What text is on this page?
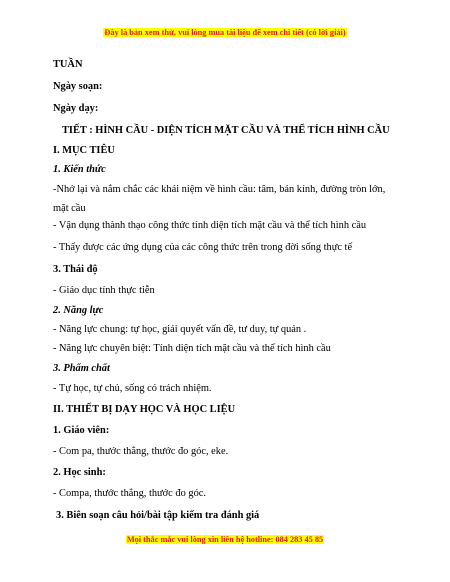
Đây là bản xem thử, vui lòng mua tài liệu để xem chi tiết (có lời giải)
TUẦN
Ngày soạn:
Ngày dạy:
TIẾT : HÌNH CẦU - DIỆN TÍCH MẶT CẦU VÀ THỂ TÍCH HÌNH CẦU
I. MỤC TIÊU
1. Kiến thức
-Nhớ lại và nắm chắc các khái niệm về hình cầu: tâm, bán kính, đường tròn lớn, mặt cầu
- Vận dụng thành thạo công thức tính diện tích mặt cầu và thể tích hình cầu
- Thấy được các ứng dụng của các công thức trên trong đời sống thực tế
3. Thái độ
- Giáo dục tính thực tiễn
2. Năng lực
- Năng lực chung: tự học, giải quyết vấn đề, tư duy, tự quản .
- Năng lực chuyên biệt: Tính diện tích mặt cầu và thể tích hình cầu
3. Phẩm chất
- Tự học, tự chủ, sống có trách nhiệm.
II. THIẾT BỊ DẠY HỌC VÀ HỌC LIỆU
1. Giáo viên:
- Com pa, thước thẳng, thước đo góc, eke.
2. Học sinh:
- Compa, thước thẳng, thước đo góc.
3. Biên soạn câu hỏi/bài tập kiểm tra đánh giá
Mọi thắc mắc vui lòng xin liên hệ hotline: 084 283 45 85
